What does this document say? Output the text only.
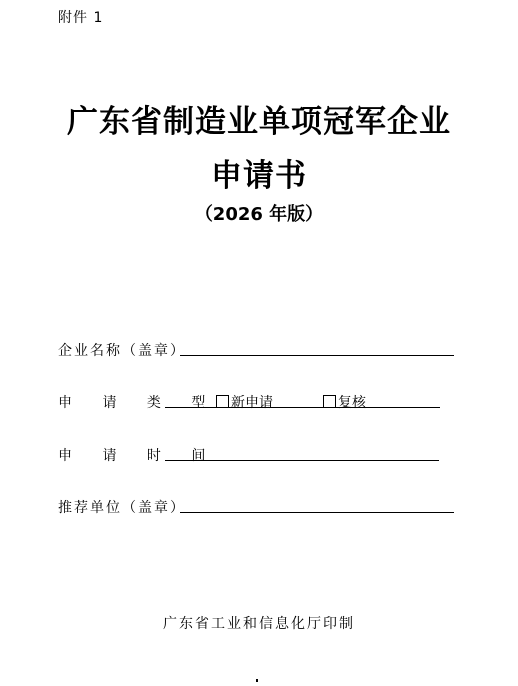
附件 1
广东省制造业单项冠军企业
申请书
（2026 年版）
企业名称（盖章）
申 请 类 型 新申请	复核
申 请 时 间
推荐单位（盖章）
广东省工业和信息化厅印制
